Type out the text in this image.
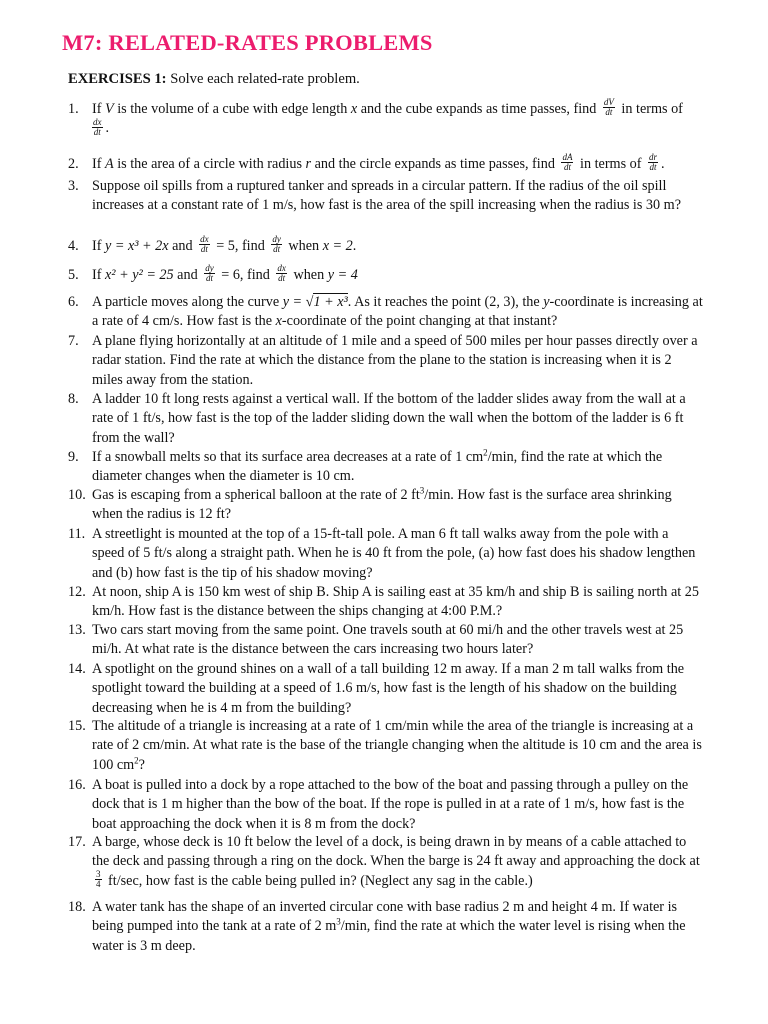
M7: RELATED-RATES PROBLEMS

EXERCISES 1: Solve each related-rate problem.

1. If V is the volume of a cube with edge length x and the cube expands as time passes, find $\frac{dV}{dt}$ in terms of

$\frac{dx}{dt}$ .
2. If A is the area of a circle with radius r and the circle expands as time passes, find $\frac{dA}{dt}$ in terms of $\frac{dr}{dt}$ .
3. Suppose oil spills from a ruptured tanker and spreads in a circular pattern. If the radius of the oil spill increases at a constant rate of 1 m/s, how fast is the area of the spill increasing when the radius is 30 m?
4. If y = x³ + 2x and $\frac{dx}{dt} = 5$, find $\frac{dy}{dt}$ when x = 2.
5. If x² + y² = 25 and $\frac{dy}{dt} = 6$, find $\frac{dx}{dt}$ when y = 4
6. A particle moves along the curve y = √1 + x³. As it reaches the point (2, 3), the y-coordinate is increasing at a rate of 4 cm/s. How fast is the x-coordinate of the point changing at that instant?
7. A plane flying horizontally at an altitude of 1 mile and a speed of 500 miles per hour passes directly over a radar station. Find the rate at which the distance from the plane to the station is increasing when it is 2 miles away from the station.
8. A ladder 10 ft long rests against a vertical wall. If the bottom of the ladder slides away from the wall at a rate of 1 ft/s, how fast is the top of the ladder sliding down the wall when the bottom of the ladder is 6 ft from the wall?
9. If a snowball melts so that its surface area decreases at a rate of 1 $cm^2/\min$, find the rate at which the diameter changes when the diameter is 10 cm.
10. Gas is escaping from a spherical balloon at the rate of 2 $ft^3/\min$. How fast is the surface area shrinking when the radius is 12 ft?
11. A streetlight is mounted at the top of a 15-ft-tall pole. A man 6 ft tall walks away from the pole with a speed of 5 ft/s along a straight path. When he is 40 ft from the pole, (a) how fast does his shadow lengthen and (b) how fast is the tip of his shadow moving?
12. At noon, ship A is 150 km west of ship B. Ship A is sailing east at 35 km/h and ship B is sailing north at 25 km/h. How fast is the distance between the ships changing at 4:00 P.M.?
13. Two cars start moving from the same point. One travels south at 60 mi/h and the other travels west at 25 mi/h. At what rate is the distance between the cars increasing two hours later?
14. A spotlight on the ground shines on a wall of a tall building 12 m away. If a man 2 m tall walks from the spotlight toward the building at a speed of 1.6 m/s, how fast is the length of his shadow on the building decreasing when he is 4 m from the building?
15. The altitude of a triangle is increasing at a rate of 1 cm/min while the area of the triangle is increasing at a rate of 2 cm/min. At what rate is the base of the triangle changing when the altitude is 10 cm and the area is 100 $cm^2$?
16. A boat is pulled into a dock by a rope attached to the bow of the boat and passing through a pulley on the dock that is 1 m higher than the bow of the boat. If the rope is pulled in at a rate of 1 m/s, how fast is the boat approaching the dock when it is 8 m from the dock?
17. A barge, whose deck is 10 ft below the level of a dock, is being drawn in by means of a cable attached to the deck and passing through a ring on the dock. When the barge is 24 ft away and approaching the dock at
$\frac{3}{4} ft/\sec$, how fast is the cable being pulled in? (Neglect any sag in the cable.)
18. A water tank has the shape of an inverted circular cone with base radius 2 m and height 4 m. If water is being pumped into the tank at a rate of 2 $m^3/\min$, find the rate at which the water level is rising when the water is 3 m deep.
